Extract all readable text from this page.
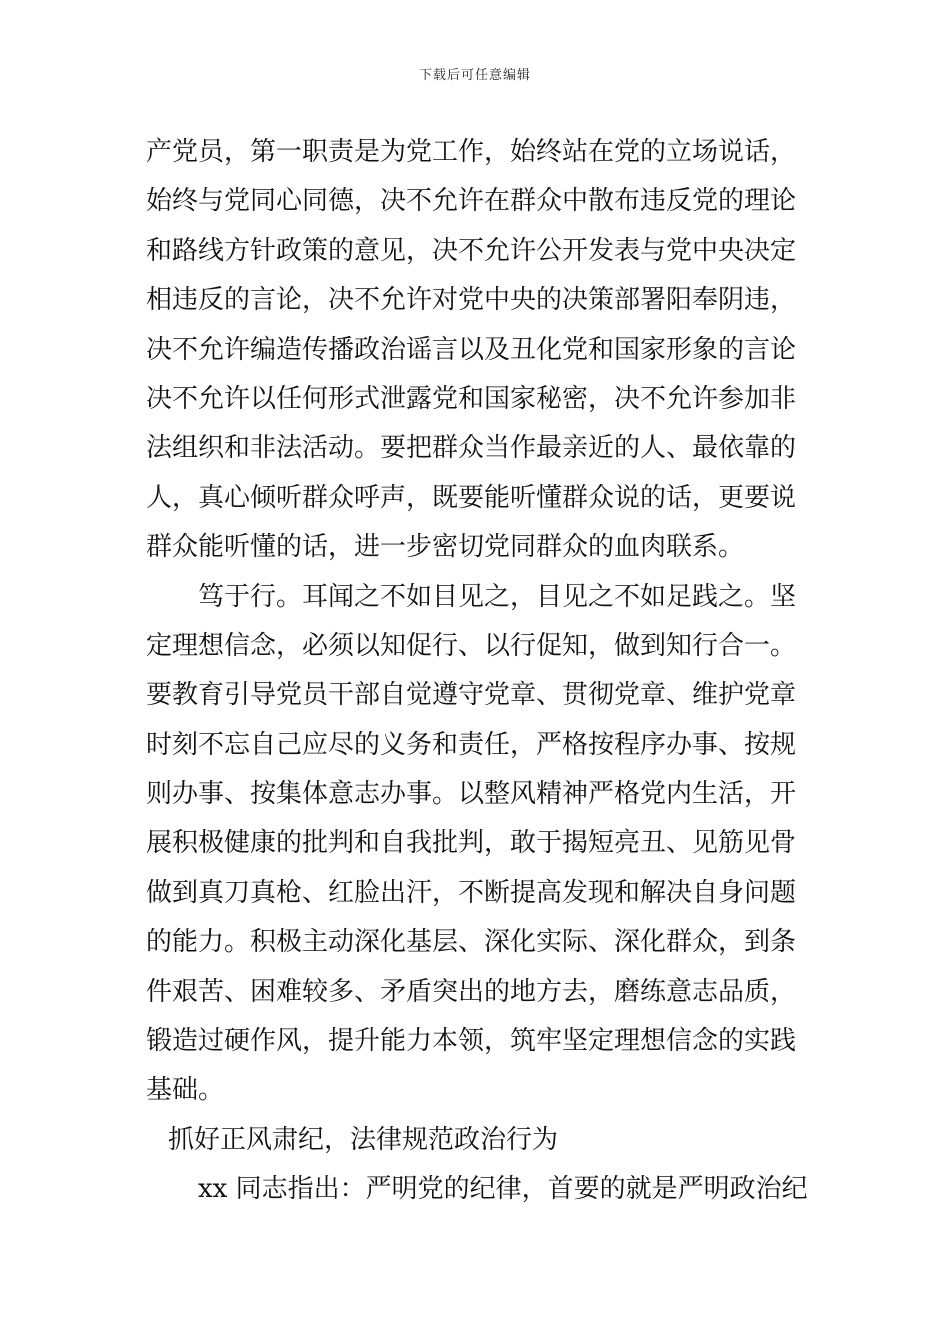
下载后可任意编辑
产党员，第一职责是为党工作，始终站在党的立场说话，
始终与党同心同德，决不允许在群众中散布违反党的理论
和路线方针政策的意见，决不允许公开发表与党中央决定
相违反的言论，决不允许对党中央的决策部署阳奉阴违，
决不允许编造传播政治谣言以及丑化党和国家形象的言论
决不允许以任何形式泄露党和国家秘密，决不允许参加非
法组织和非法活动。要把群众当作最亲近的人、最依靠的
人，真心倾听群众呼声，既要能听懂群众说的话，更要说
群众能听懂的话，进一步密切党同群众的血肉联系。
笃于行。耳闻之不如目见之，目见之不如足践之。坚
定理想信念，必须以知促行、以行促知，做到知行合一。
要教育引导党员干部自觉遵守党章、贯彻党章、维护党章
时刻不忘自己应尽的义务和责任，严格按程序办事、按规
则办事、按集体意志办事。以整风精神严格党内生活，开
展积极健康的批判和自我批判，敢于揭短亮丑、见筋见骨
做到真刀真枪、红脸出汗，不断提高发现和解决自身问题
的能力。积极主动深化基层、深化实际、深化群众，到条
件艰苦、困难较多、矛盾突出的地方去，磨练意志品质，
锻造过硬作风，提升能力本领，筑牢坚定理想信念的实践
基础。
抓好正风肃纪，法律规范政治行为
xx 同志指出：严明党的纪律，首要的就是严明政治纪
